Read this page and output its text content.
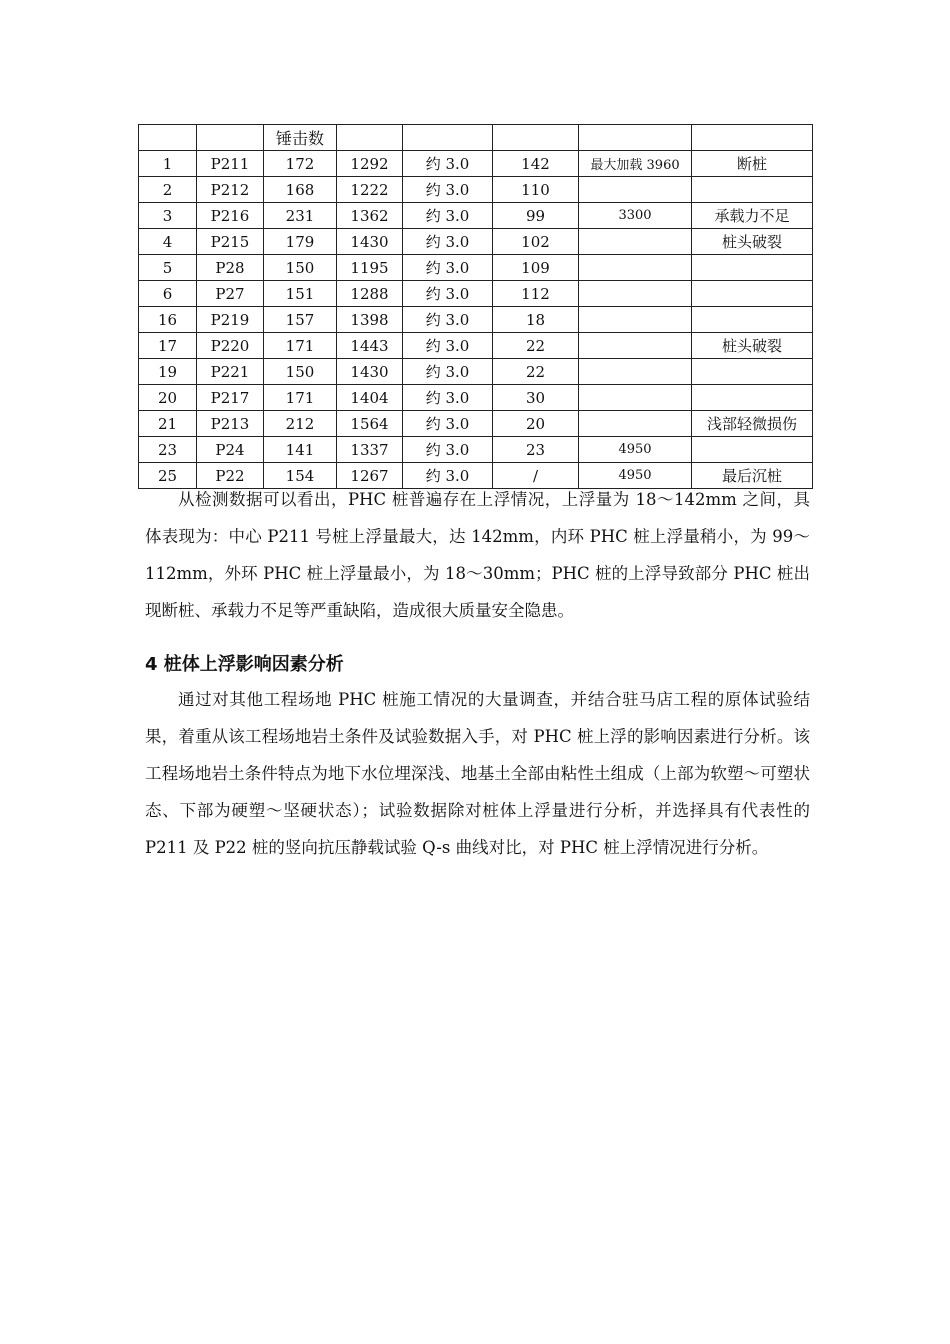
		锤击数					
1	P211	172	1292	约 3.0	142	最大加载 3960	断桩
2	P212	168	1222	约 3.0	110		
3	P216	231	1362	约 3.0	99	3300	承载力不足
4	P215	179	1430	约 3.0	102		桩头破裂
5	P28	150	1195	约 3.0	109		
6	P27	151	1288	约 3.0	112		
16	P219	157	1398	约 3.0	18		
17	P220	171	1443	约 3.0	22		桩头破裂
19	P221	150	1430	约 3.0	22		
20	P217	171	1404	约 3.0	30		
21	P213	212	1564	约 3.0	20		浅部轻微损伤
23	P24	141	1337	约 3.0	23	4950	
25	P22	154	1267	约 3.0	/	4950	最后沉桩

从检测数据可以看出，PHC 桩普遍存在上浮情况，上浮量为 18～142mm 之间，具体表现为：中心 P211 号桩上浮量最大，达 142mm，内环 PHC 桩上浮量稍小，为 99～112mm，外环 PHC 桩上浮量最小，为 18～30mm；PHC 桩的上浮导致部分 PHC 桩出现断桩、承载力不足等严重缺陷，造成很大质量安全隐患。

4 桩体上浮影响因素分析

通过对其他工程场地 PHC 桩施工情况的大量调查，并结合驻马店工程的原体试验结果，着重从该工程场地岩土条件及试验数据入手，对 PHC 桩上浮的影响因素进行分析。该工程场地岩土条件特点为地下水位埋深浅、地基土全部由粘性土组成（上部为软塑～可塑状态、下部为硬塑～坚硬状态）；试验数据除对桩体上浮量进行分析，并选择具有代表性的 P211 及 P22 桩的竖向抗压静载试验 Q-s 曲线对比，对 PHC 桩上浮情况进行分析。
